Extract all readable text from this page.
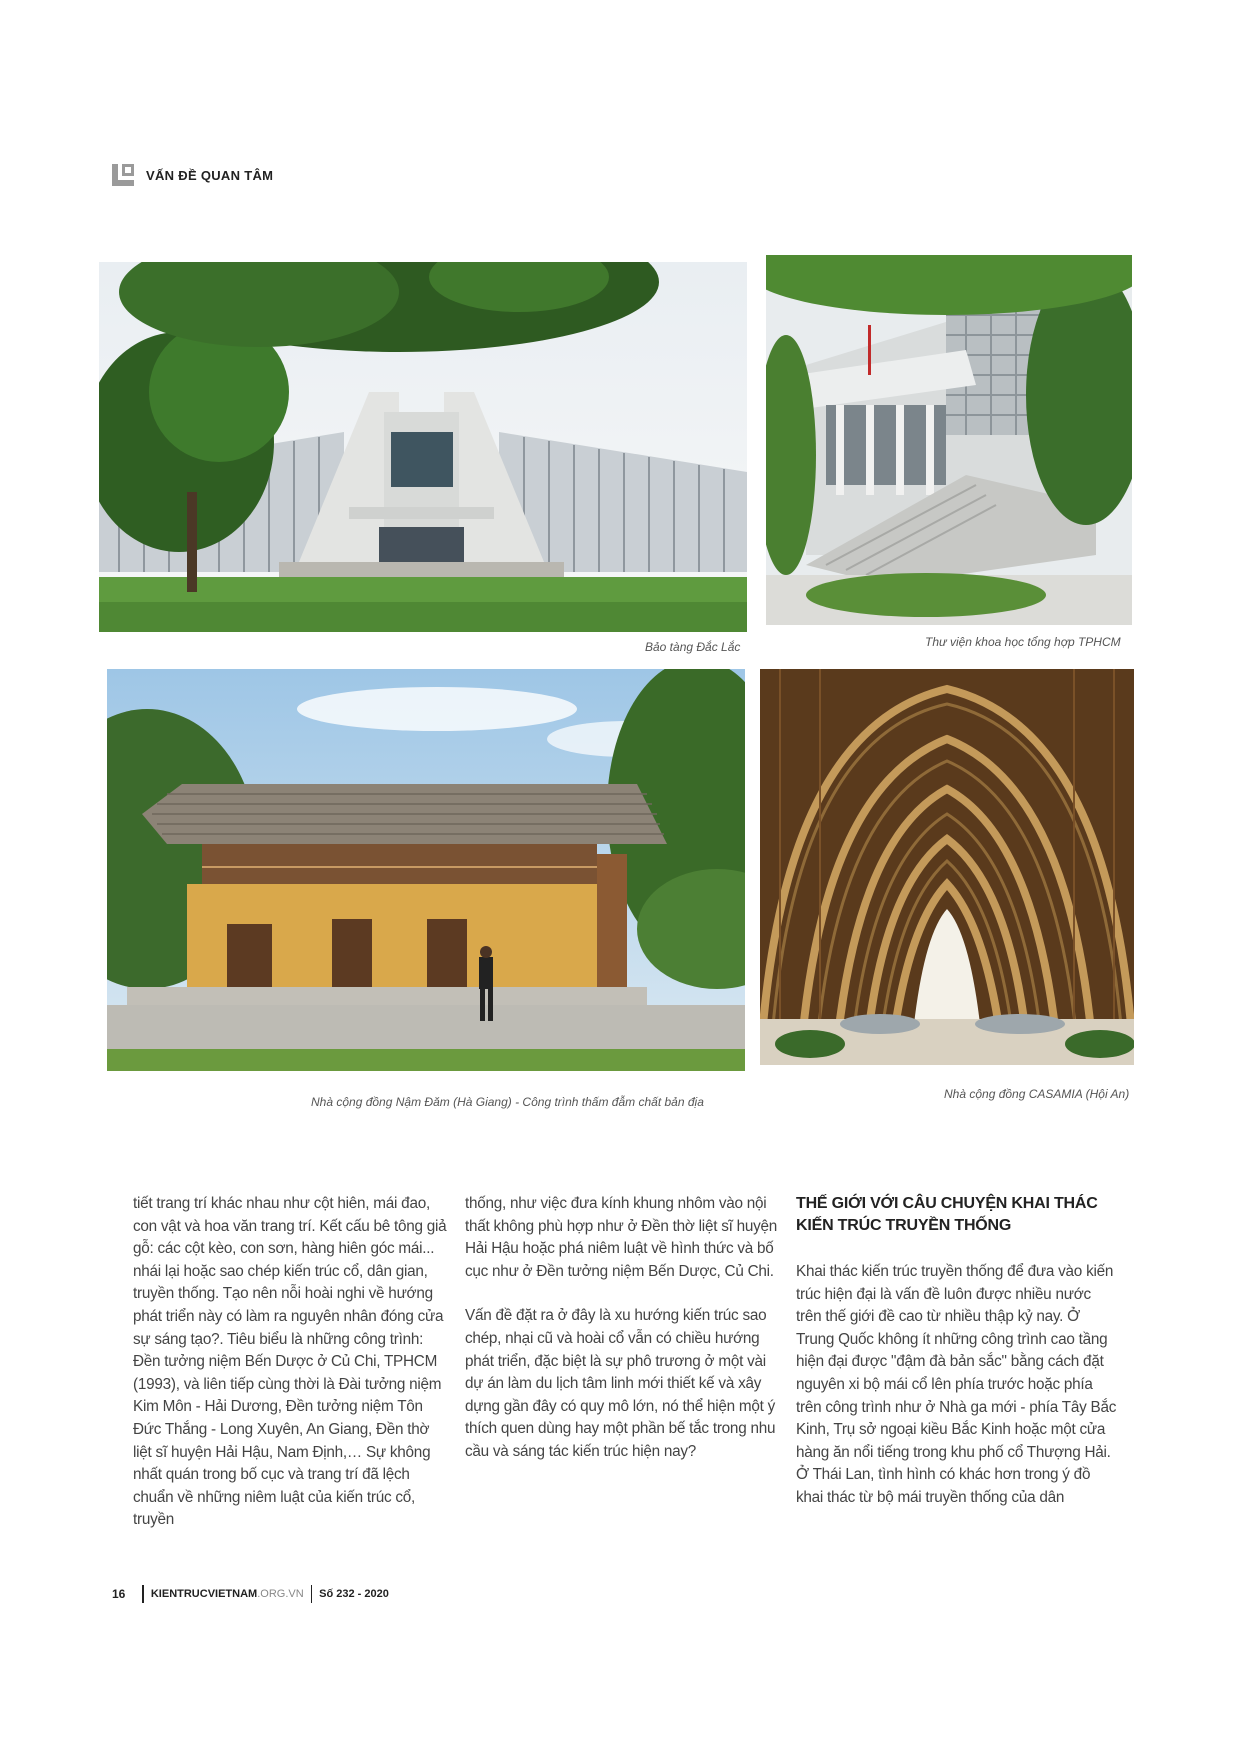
VẤN ĐỀ QUAN TÂM
Bảo tàng Đắc Lắc	Thư viện khoa học tổng hợp TPHCM
Nhà cộng đồng Nậm Đăm (Hà Giang) - Công trình thấm đẫm chất bản địa
Nhà cộng đồng CASAMIA (Hội An)

tiết trang trí khác nhau như cột hiên, mái đao, con vật và hoa văn trang trí. Kết cấu bê tông giả gỗ: các cột kèo, con sơn, hàng hiên góc mái... nhái lại hoặc sao chép kiến trúc cổ, dân gian, truyền thống. Tạo nên nỗi hoài nghi về hướng phát triển này có làm ra nguyên nhân đóng cửa sự sáng tạo?. Tiêu biểu là những công trình: Đền tưởng niệm Bến Dược ở Củ Chi, TPHCM (1993), và liên tiếp cùng thời là Đài tưởng niệm Kim Môn - Hải Dương, Đền tưởng niệm Tôn Đức Thắng - Long Xuyên, An Giang, Đền thờ liệt sĩ huyện Hải Hậu, Nam Định,… Sự không nhất quán trong bố cục và trang trí đã lệch chuẩn về những niêm luật của kiến trúc cổ, truyền

thống, như việc đưa kính khung nhôm vào nội thất không phù hợp như ở Đền thờ liệt sĩ huyện Hải Hậu hoặc phá niêm luật về hình thức và bố cục như ở Đền tưởng niệm Bến Dược, Củ Chi.

Vấn đề đặt ra ở đây là xu hướng kiến trúc sao chép, nhại cũ và hoài cổ vẫn có chiều hướng phát triển, đặc biệt là sự phô trương ở một vài dự án làm du lịch tâm linh mới thiết kế và xây dựng gần đây có quy mô lớn, nó thể hiện một ý thích quen dùng hay một phần bế tắc trong nhu cầu và sáng tác kiến trúc hiện nay?

THẾ GIỚI VỚI CÂU CHUYỆN KHAI THÁC KIẾN TRÚC TRUYỀN THỐNG

Khai thác kiến trúc truyền thống để đưa vào kiến trúc hiện đại là vấn đề luôn được nhiều nước trên thế giới đề cao từ nhiều thập kỷ nay. Ở Trung Quốc không ít những công trình cao tầng hiện đại được "đậm đà bản sắc" bằng cách đặt nguyên xi bộ mái cổ lên phía trước hoặc phía trên công trình như ở Nhà ga mới - phía Tây Bắc Kinh, Trụ sở ngoại kiều Bắc Kinh hoặc một cửa hàng ăn nổi tiếng trong khu phố cổ Thượng Hải. Ở Thái Lan, tình hình có khác hơn trong ý đồ khai thác từ bộ mái truyền thống của dân

16 KIENTRUCVIETNAM .ORG.VN Số 232 - 2020
